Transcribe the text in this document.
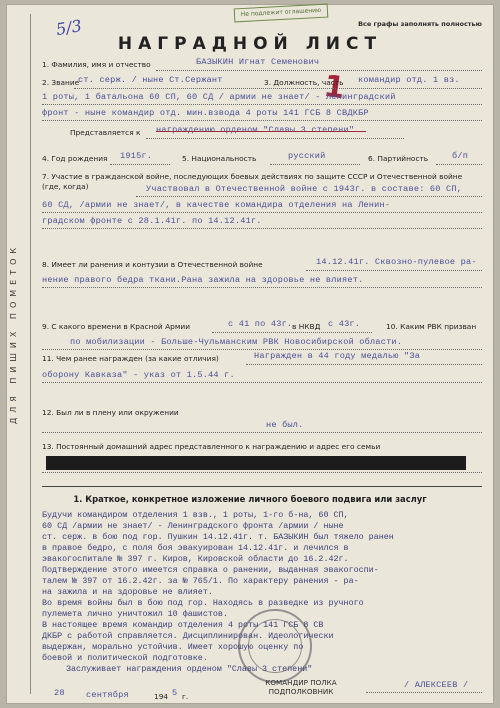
ДЛЯ ПИШИХ ПОМЕТОК
Не подлежит оглашению
Все графы заполнять полностью
5/3
НАГРАДНОЙ ЛИСТ
1
1. Фамилия, имя и отчество	БАЗЫКИН Игнат Семенович
2. Звание
ст. серж. / ныне Ст.Сержант	3. Должность, часть командир отд. 1 вз.
1 роты, 1 батальона 60 СП, 60 СД / армии не знает/ - Ленинградский
фронт - ныне командир отд. мин.взвода 4 роты 141 ГСБ 8 СВДКБР
Представляется к награждению орденом "Славы 3 степени"
4. Год рождения 1915г.	5. Национальность	русский	6. Партийность	б/п
7. Участие в гражданской войне, последующих боевых действиях по защите СССР и Отечественной войне (где, когда)	Участвовал в Отечественной войне с 1943г. в составе: 60 СП,
60 СД, /армии не знает/, в качестве командира отделения на Ленин-
градском фронте с 28.1.41г. по 14.12.41г.
8. Имеет ли ранения и контузии в Отечественной войне	14.12.41г. Сквозно-пулевое ра-
нение правого бедра ткани.Рана зажила на здоровье не влияет.
9. С какого времени в Красной Армии	с 41 по 43г. в НКВД с 43г.	10. Каким РВК призван
по мобилизации - Больше-Чульманским РВК Новосибирской области.
11. Чем ранее награжден (за какие отличия)	Награжден в 44 году медалью "За
оборону Кавказа" - указ от 1.5.44 г.
12. Был ли в плену или окружении
не был.
13. Постоянный домашний адрес представленного к награждению и адрес его семьи
1. Краткое, конкретное изложение личного боевого подвига или заслуг
Будучи командиром отделения 1 взв., 1 роты, 1-го б-на, 60 СП,
60 СД /армии не знает/ - Ленинградского фронта /армии / ныне
ст. серж. в бою под гор. Пушкин 14.12.41г. т. БАЗЫКИН был тяжело ранен
в правое бедро, с поля боя эвакуирован 14.12.41г. и лечился в
эвакогоспитале № 397 г. Киров, Кировской области до 16.2.42г.
Подтверждение этого имеется справка о ранении, выданная эвакогоспи-
талем № 397 от 16.2.42г. за № 765/1. По характеру ранения - ра-
на зажила и на здоровье не влияет.
Во время войны был в бою под гор. Находясь в разведке из ручного
пулемета лично уничтожил 10 фашистов.
В настоящее время командир отделения 4 роты 141 ГСБ 8 СВ
ДКБР с работой справляется. Дисциплинирован. Идеологически
выдержан, морально устойчив. Имеет хорошую оценку по
боевой и политической подготовке.
Заслуживает награждения орденом "Славы 3 степени"
КОМАНДИР ПОЛКА
ПОДПОЛКОВНИК
/ АЛЕКСЕЕВ /
28 сентября	194 5 г.
